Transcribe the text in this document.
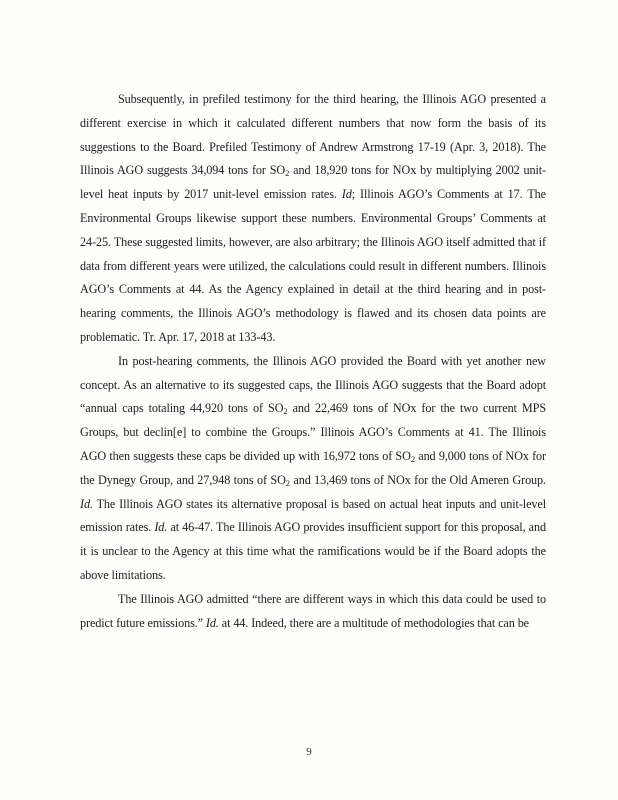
Subsequently, in prefiled testimony for the third hearing, the Illinois AGO presented a different exercise in which it calculated different numbers that now form the basis of its suggestions to the Board. Prefiled Testimony of Andrew Armstrong 17-19 (Apr. 3, 2018). The Illinois AGO suggests 34,094 tons for $SO_2$ and 18,920 tons for NOx by multiplying 2002 unit-level heat inputs by 2017 unit-level emission rates. Id; Illinois AGO’s Comments at 17. The Environmental Groups likewise support these numbers. Environmental Groups’ Comments at 24-25. These suggested limits, however, are also arbitrary; the Illinois AGO itself admitted that if data from different years were utilized, the calculations could result in different numbers. Illinois AGO’s Comments at 44. As the Agency explained in detail at the third hearing and in post-hearing comments, the Illinois AGO’s methodology is flawed and its chosen data points are problematic. Tr. Apr. 17, 2018 at 133-43.

In post-hearing comments, the Illinois AGO provided the Board with yet another new concept. As an alternative to its suggested caps, the Illinois AGO suggests that the Board adopt “annual caps totaling 44,920 tons of $SO_2$ and 22,469 tons of NOx for the two current MPS Groups, but declin[e] to combine the Groups.” Illinois AGO’s Comments at 41. The Illinois AGO then suggests these caps be divided up with 16,972 tons of $SO_2$ and 9,000 tons of NOx for the Dynegy Group, and 27,948 tons of $SO_2$ and 13,469 tons of NOx for the Old Ameren Group. Id. The Illinois AGO states its alternative proposal is based on actual heat inputs and unit-level emission rates. Id. at 46-47. The Illinois AGO provides insufficient support for this proposal, and it is unclear to the Agency at this time what the ramifications would be if the Board adopts the above limitations.

The Illinois AGO admitted “there are different ways in which this data could be used to predict future emissions.” Id. at 44. Indeed, there are a multitude of methodologies that can be

9
